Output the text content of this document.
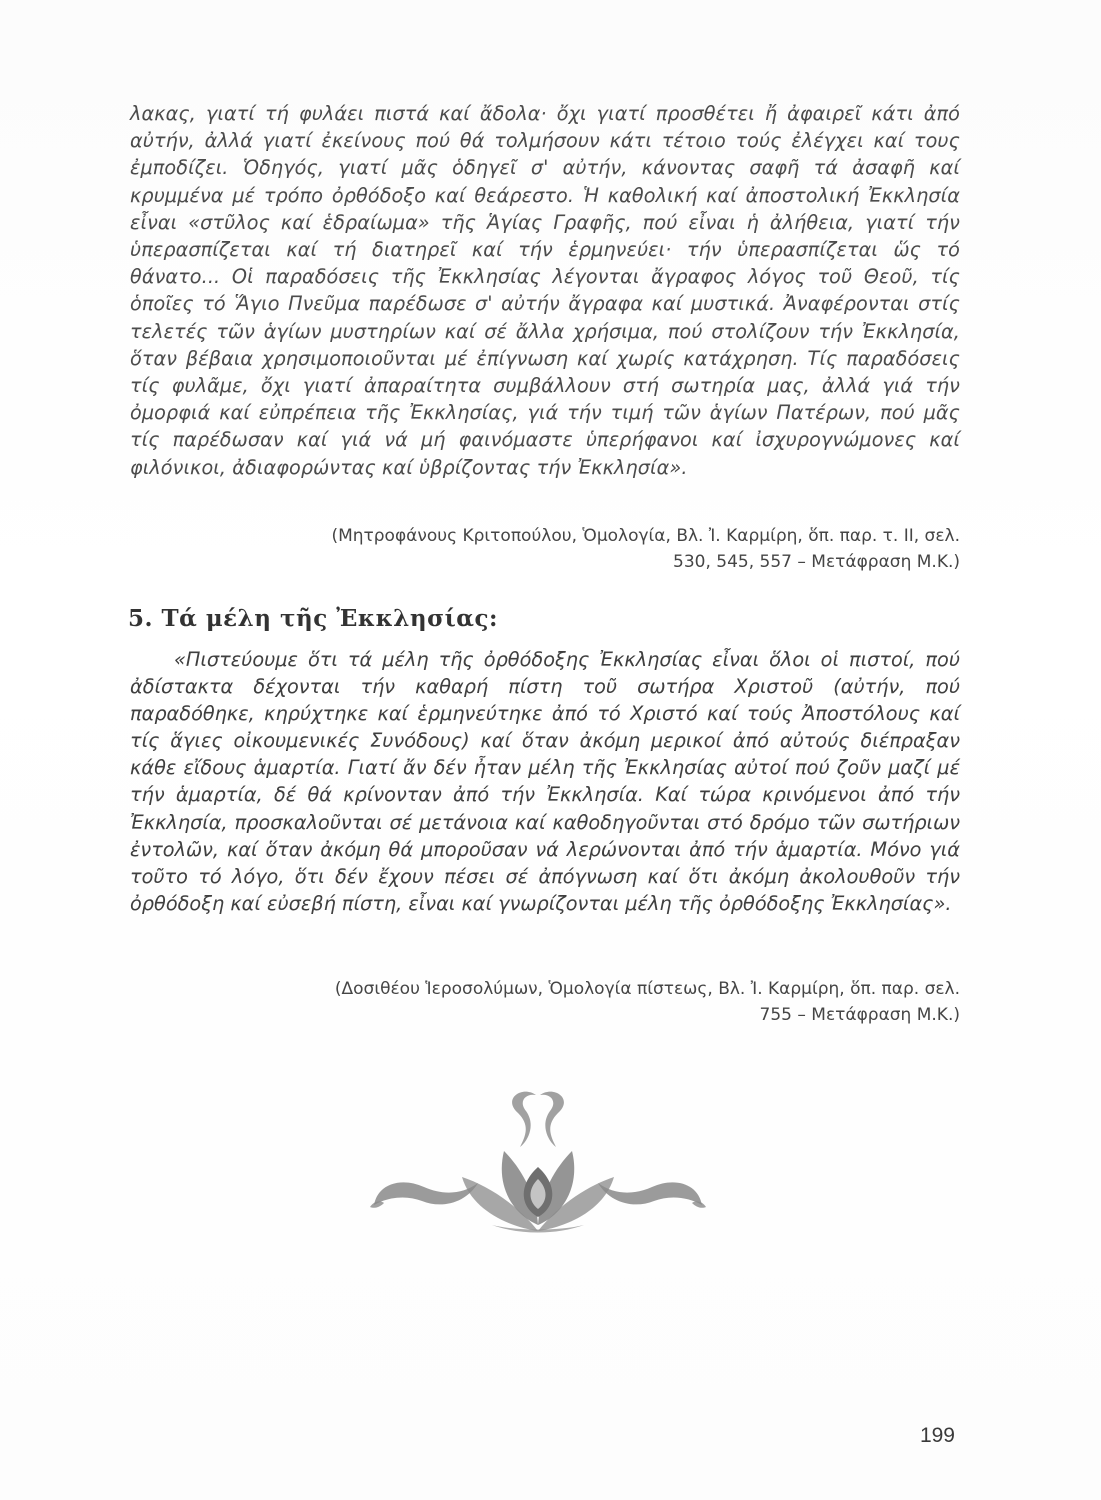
λακας, γιατί τή φυλάει πιστά καί ἄδολα· ὄχι γιατί προσθέτει ἤ ἀφαιρεῖ κάτι ἀπό αὐτήν, ἀλλά γιατί ἐκείνους πού θά τολμήσουν κάτι τέτοιο τούς ἐλέγχει καί τους ἐμποδίζει. Ὁδηγός, γιατί μᾶς ὁδηγεῖ σ' αὐτήν, κάνοντας σαφῆ τά ἀσαφῆ καί κρυμμένα μέ τρόπο ὀρθόδοξο καί θεάρεστο. Ἡ καθολική καί ἀποστολική Ἐκκλησία εἶναι «στῦλος καί ἑδραίωμα» τῆς Ἁγίας Γραφῆς, πού εἶναι ἡ ἀλήθεια, γιατί τήν ὑπερασπίζεται καί τή διατηρεῖ καί τήν ἑρμηνεύει· τήν ὑπερασπίζεται ὥς τό θάνατο... Οἱ παραδόσεις τῆς Ἐκκλησίας λέγονται ἄγραφος λόγος τοῦ Θεοῦ, τίς ὁποῖες τό Ἅγιο Πνεῦμα παρέδωσε σ' αὐτήν ἄγραφα καί μυστικά. Ἀναφέρονται στίς τελετές τῶν ἁγίων μυστηρίων καί σέ ἄλλα χρήσιμα, πού στολίζουν τήν Ἐκκλησία, ὅταν βέβαια χρησιμοποιοῦνται μέ ἐπίγνωση καί χωρίς κατάχρηση. Τίς παραδόσεις τίς φυλᾶμε, ὄχι γιατί ἀπαραίτητα συμβάλλουν στή σωτηρία μας, ἀλλά γιά τήν ὀμορφιά καί εὐπρέπεια τῆς Ἐκκλησίας, γιά τήν τιμή τῶν ἁγίων Πατέρων, πού μᾶς τίς παρέδωσαν καί γιά νά μή φαινόμαστε ὑπερήφανοι καί ἰσχυρογνώμονες καί φιλόνικοι, ἀδιαφορώντας καί ὑβρίζοντας τήν Ἐκκλησία».

(Μητροφάνους Κριτοπούλου, Ὁμολογία, Βλ. Ἰ. Καρμίρη, ὅπ. παρ. τ. ΙΙ, σελ.
530, 545, 557 – Μετάφραση Μ.Κ.)
5. Τά μέλη τῆς Ἐκκλησίας:

«Πιστεύουμε ὅτι τά μέλη τῆς ὀρθόδοξης Ἐκκλησίας εἶναι ὅλοι οἱ πιστοί, πού ἀδίστακτα δέχονται τήν καθαρή πίστη τοῦ σωτήρα Χριστοῦ (αὐτήν, πού παραδόθηκε, κηρύχτηκε καί ἑρμηνεύτηκε ἀπό τό Χριστό καί τούς Ἀποστόλους καί τίς ἅγιες οἰκουμενικές Συνόδους) καί ὅταν ἀκόμη μερικοί ἀπό αὐτούς διέπραξαν κάθε εἴδους ἁμαρτία. Γιατί ἄν δέν ἦταν μέλη τῆς Ἐκκλησίας αὐτοί πού ζοῦν μαζί μέ τήν ἁμαρτία, δέ θά κρίνονταν ἀπό τήν Ἐκκλησία. Καί τώρα κρινόμενοι ἀπό τήν Ἐκκλησία, προσκαλοῦνται σέ μετάνοια καί καθοδηγοῦνται στό δρόμο τῶν σωτήριων ἐντολῶν, καί ὅταν ἀκόμη θά μποροῦσαν νά λερώνονται ἀπό τήν ἁμαρτία. Μόνο γιά τοῦτο τό λόγο, ὅτι δέν ἔχουν πέσει σέ ἀπόγνωση καί ὅτι ἀκόμη ἀκολουθοῦν τήν ὀρθόδοξη καί εὐσεβή πίστη, εἶναι καί γνωρίζονται μέλη τῆς ὀρθόδοξης Ἐκκλησίας».

(Δοσιθέου Ἱεροσολύμων, Ὁμολογία πίστεως, Βλ. Ἰ. Καρμίρη, ὅπ. παρ. σελ.
755 – Μετάφραση Μ.Κ.)
199
